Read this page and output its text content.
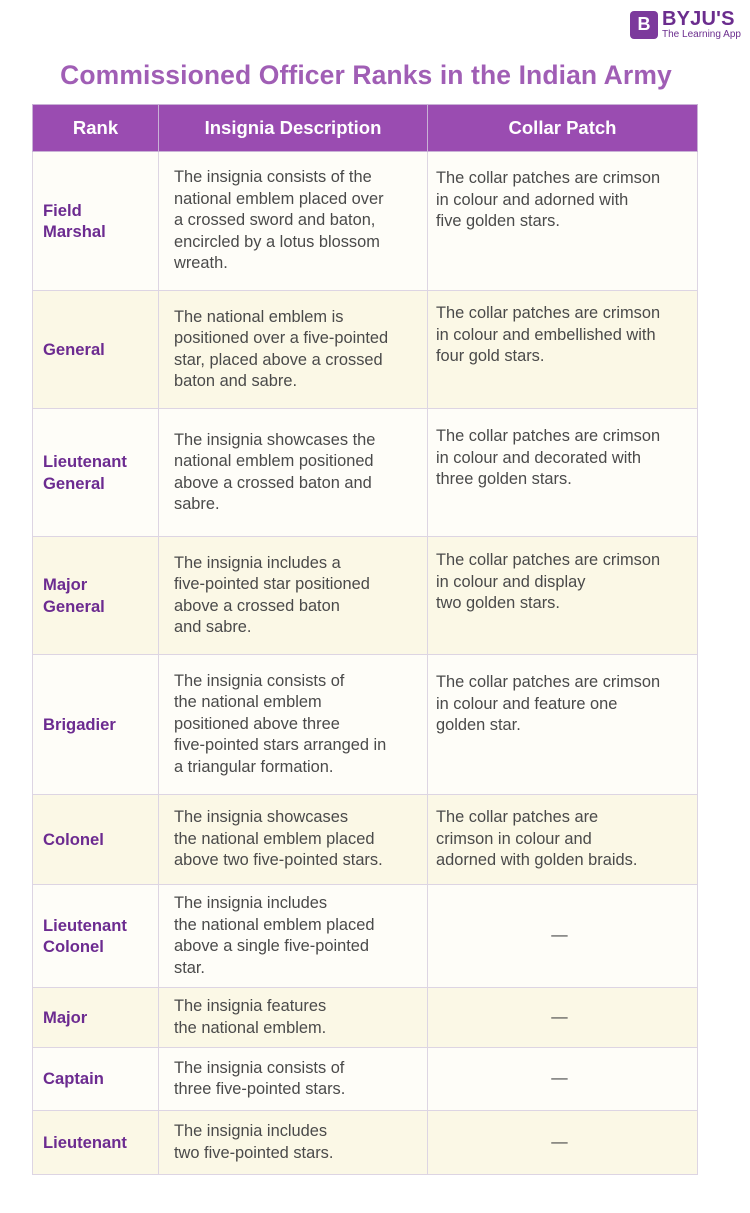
B BYJU'S
The Learning App
Commissioned Officer Ranks in the Indian Army
Rank	Insignia Description	Collar Patch

Field
Marshal	The insignia consists of the
national emblem placed over
a crossed sword and baton,
encircled by a lotus blossom
wreath.	The collar patches are crimson
in colour and adorned with
five golden stars.

General	The national emblem is
positioned over a five-pointed
star, placed above a crossed
baton and sabre.	The collar patches are crimson
in colour and embellished with
four gold stars.

Lieutenant
General	The insignia showcases the
national emblem positioned
above a crossed baton and
sabre.	The collar patches are crimson
in colour and decorated with
three golden stars.

Major
General	The insignia includes a
five-pointed star positioned
above a crossed baton
and sabre.	The collar patches are crimson
in colour and display
two golden stars.

Brigadier	The insignia consists of
the national emblem
positioned above three
five-pointed stars arranged in
a triangular formation.	The collar patches are crimson
in colour and feature one
golden star.

Colonel	The insignia showcases
the national emblem placed
above two five-pointed stars.	The collar patches are
crimson in colour and
adorned with golden braids.

Lieutenant
Colonel	The insignia includes
the national emblem placed
above a single five-pointed
star.	—

Major	The insignia features
the national emblem.	—

Captain	The insignia consists of
three five-pointed stars.	—

Lieutenant	The insignia includes
two five-pointed stars.	—
